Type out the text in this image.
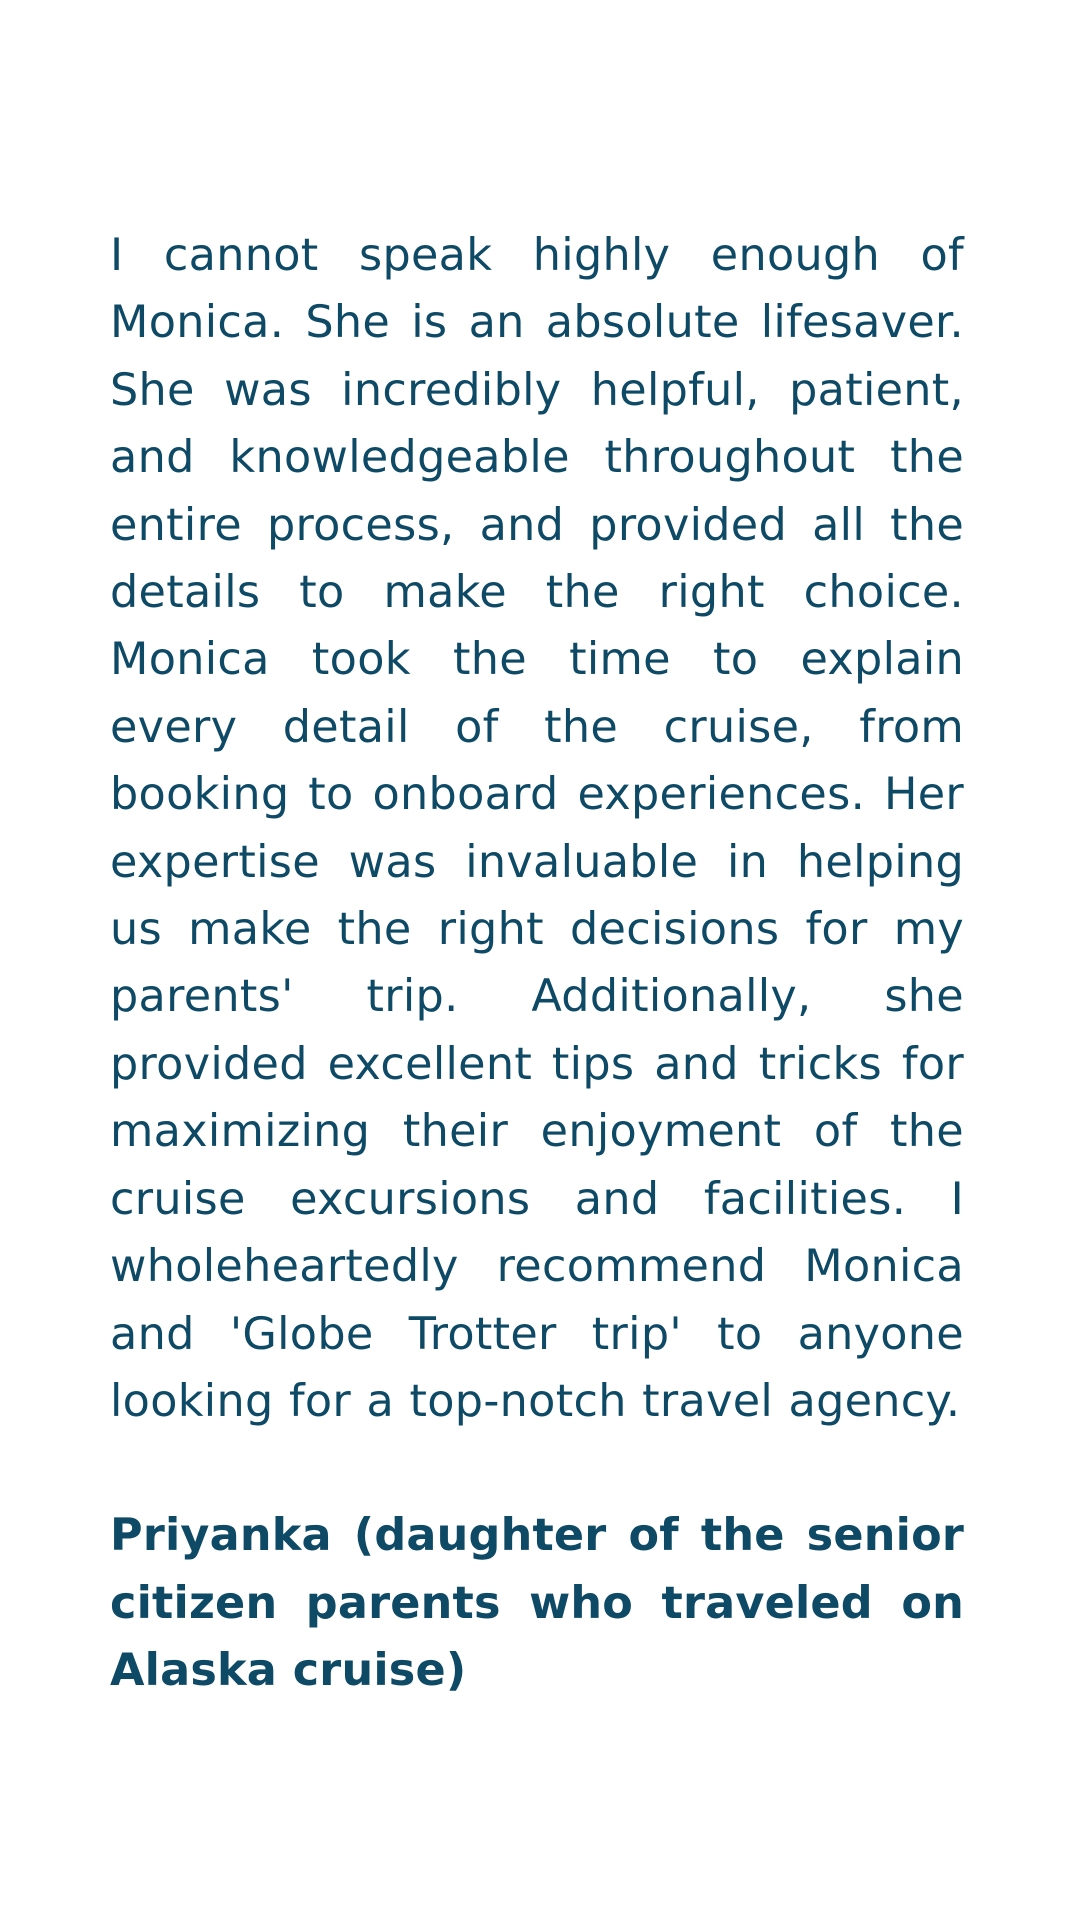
I cannot speak highly enough of Monica. She is an absolute lifesaver. She was incredibly helpful, patient, and knowledgeable throughout the entire process, and provided all the details to make the right choice. Monica took the time to explain every detail of the cruise, from booking to onboard experiences. Her expertise was invaluable in helping us make the right decisions for my parents' trip. Additionally, she provided excellent tips and tricks for maximizing their enjoyment of the cruise excursions and facilities. I wholeheartedly recommend Monica and 'Globe Trotter trip' to anyone looking for a top-notch travel agency.

Priyanka (daughter of the senior citizen parents who traveled on Alaska cruise)
